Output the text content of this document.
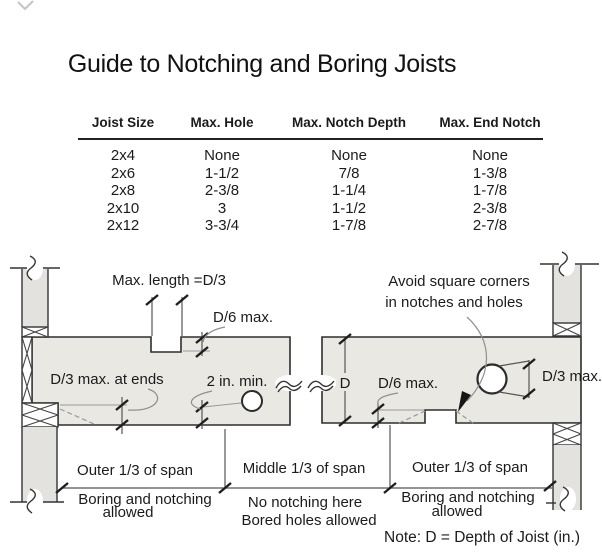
Guide to Notching and Boring Joists
Joist Size	Max. Hole	Max. Notch Depth	Max. End Notch
2x4	None	None	None
2x6	1-1/2	7/8	1-3/8
2x8	2-3/8	1-1/4	1-7/8
2x10	3	1-1/2	2-3/8
2x12	3-3/4	1-7/8	2-7/8
Max. length =D/3
D/6 max.
D/3 max. at ends	2 in. min.
Avoid square corners
in notches and holes
D D/6 max.	D/3 max.
Outer 1/3 of span	Middle 1/3 of span	Outer 1/3 of span
Boring and notching
allowed
No notching here
Bored holes allowed
Boring and notching
allowed
Note: D = Depth of Joist (in.)
